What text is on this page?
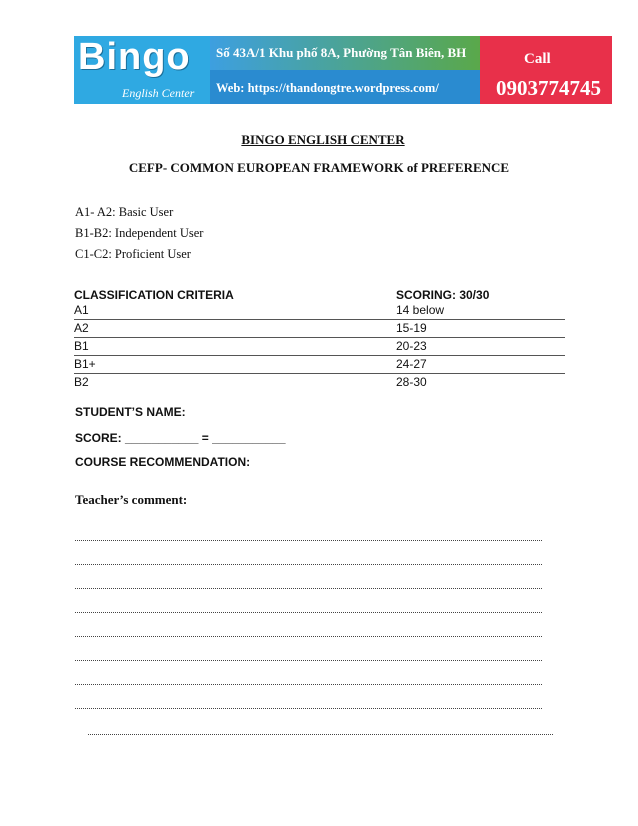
Bingo
English Center
Số 43A/1 Khu phố 8A, Phường Tân Biên, BH
Web: https://thandongtre.wordpress.com/
Call
0903774745
BINGO ENGLISH CENTER
CEFP- COMMON EUROPEAN FRAMEWORK of PREFERENCE
A1- A2: Basic User
B1-B2: Independent User
C1-C2: Proficient User
CLASSIFICATION CRITERIA	SCORING: 30/30
A1	14 below
A2	15-19
B1	20-23
B1+	24-27
B2	28-30
STUDENT’S NAME:
SCORE: ___________ = ___________
COURSE RECOMMENDATION:
Teacher’s comment:
